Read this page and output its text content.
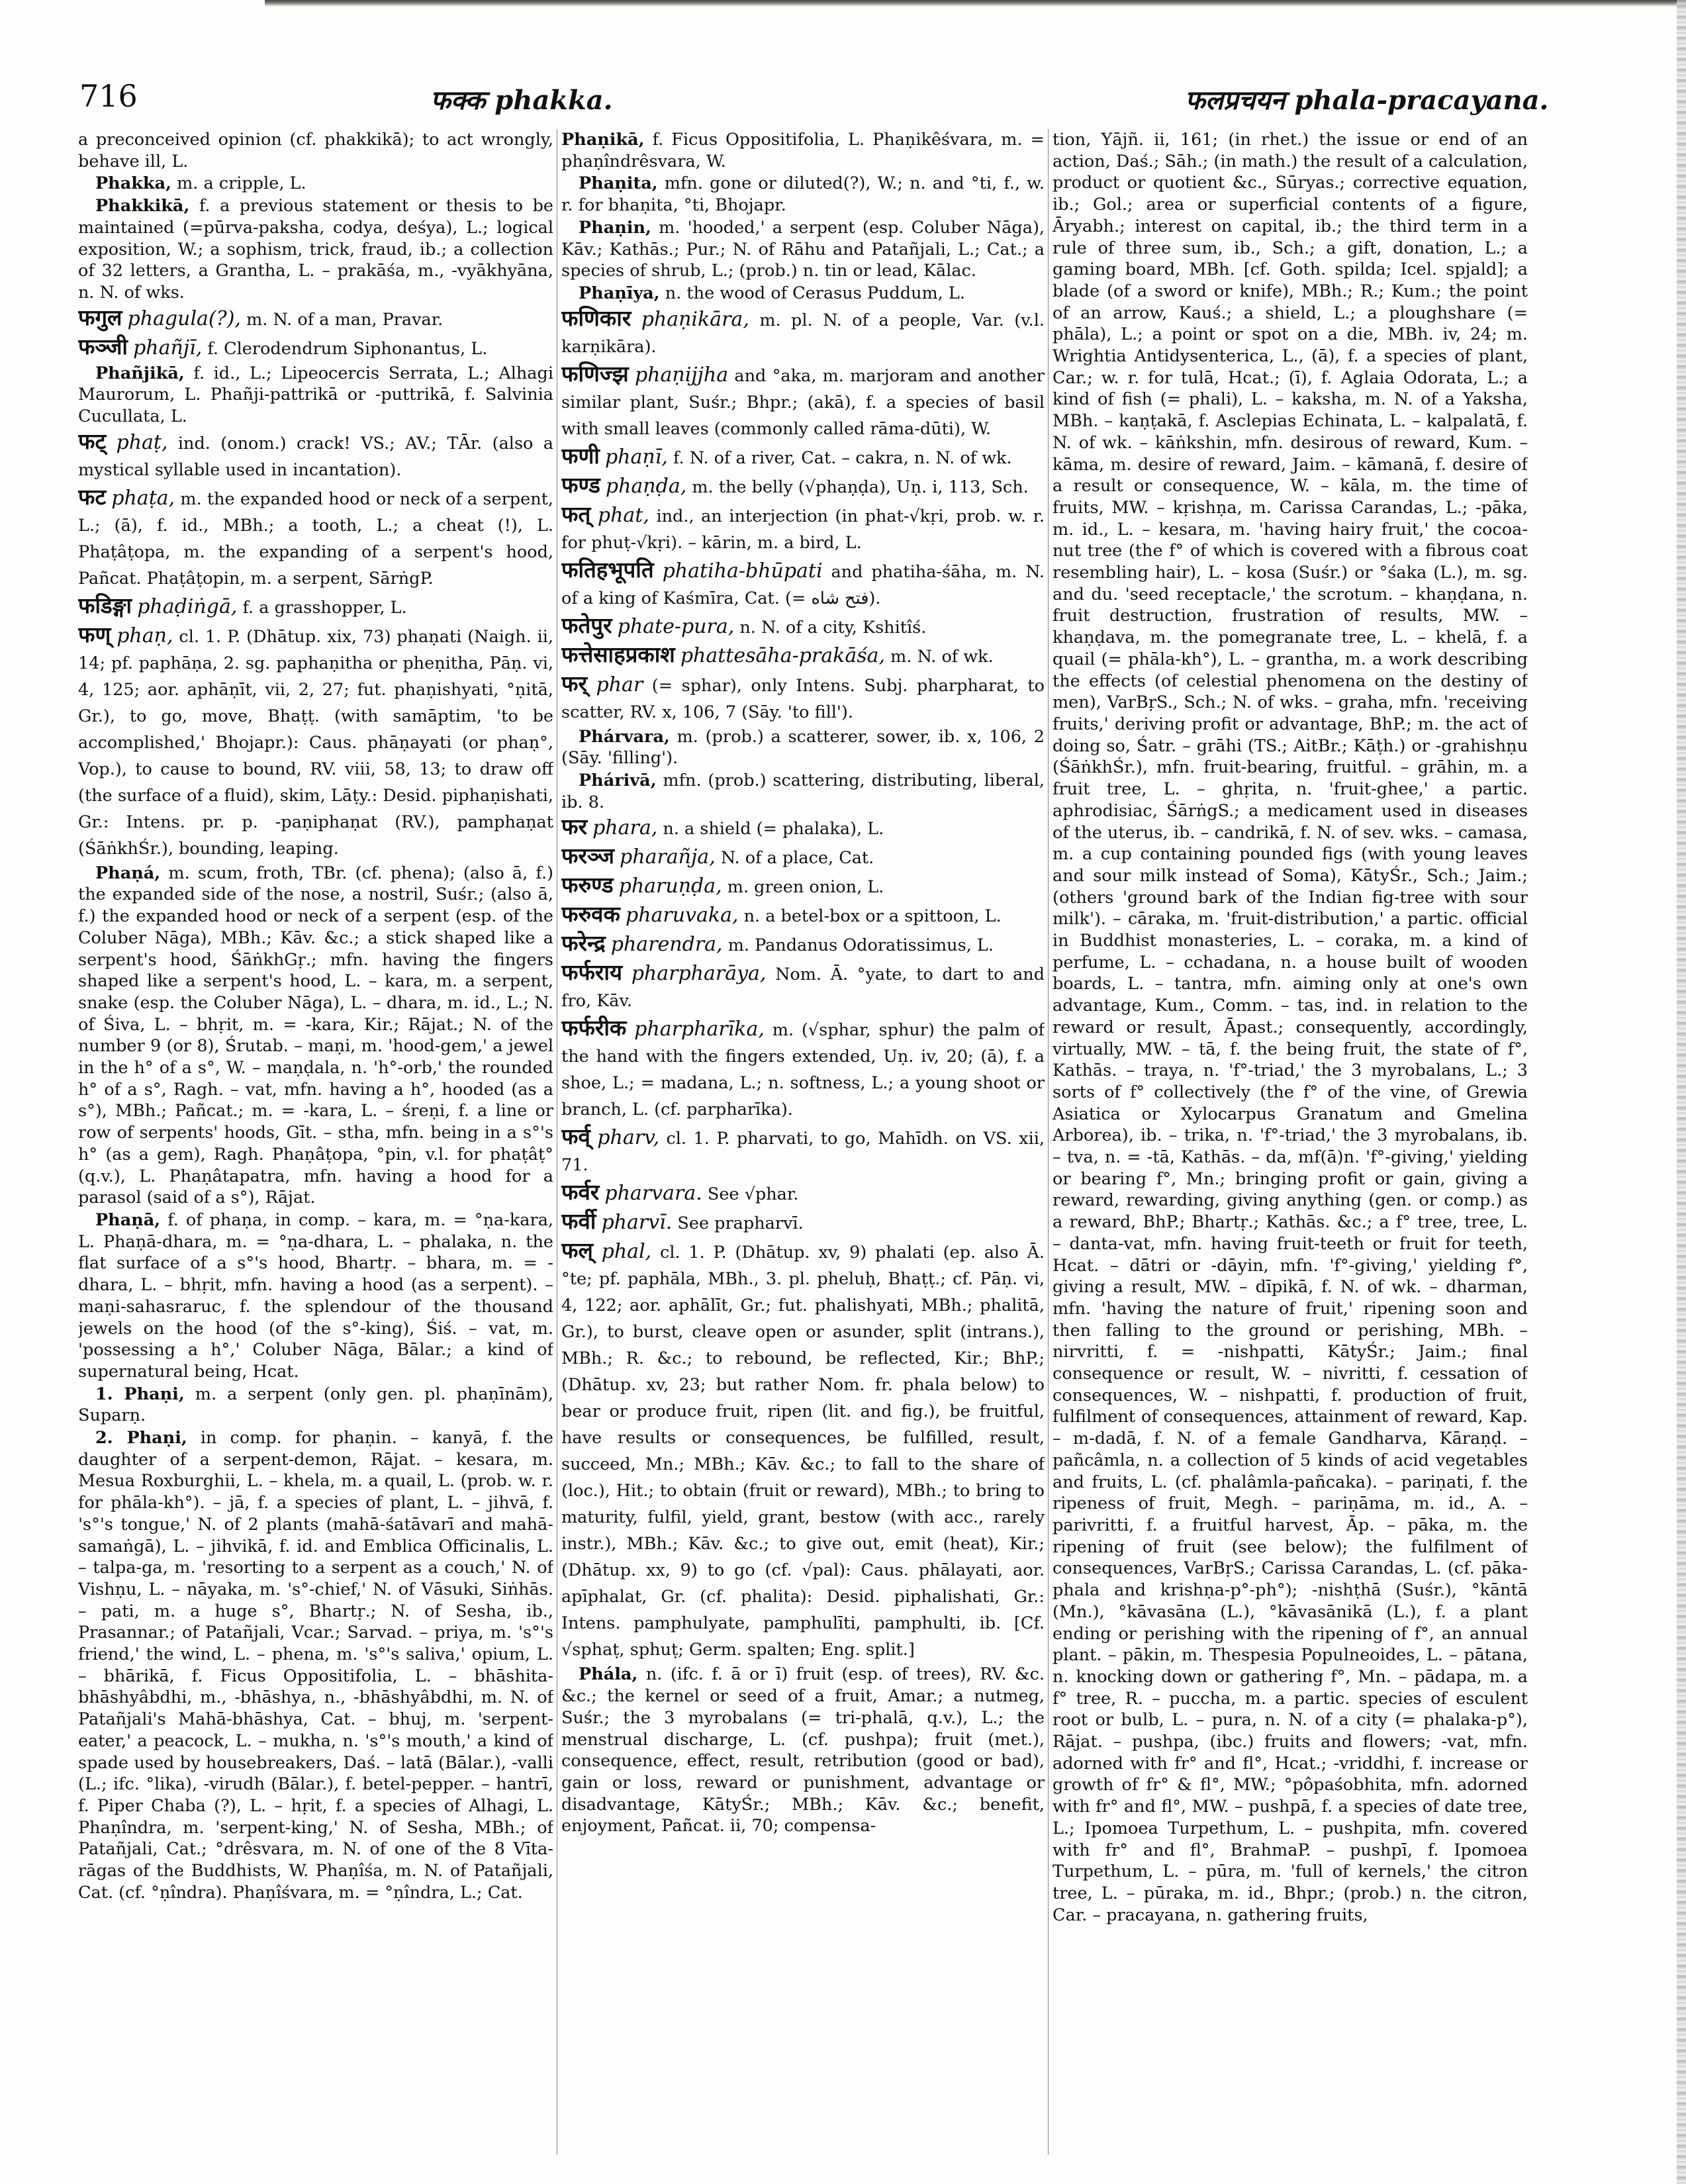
716	फक्क phakka.	फलप्रचयन phala-pracayana.

a preconceived opinion (cf. phakkikā); to act wrongly, behave ill, L.

Phakka, m. a cripple, L.

Phakkikā, f. a previous statement or thesis to be maintained (=pūrva-paksha, codya, deśya), L.; logical exposition, W.; a sophism, trick, fraud, ib.; a collection of 32 letters, a Grantha, L. – prakāśa, m., -vyākhyāna, n. N. of wks.

फगुल phagula(?), m. N. of a man, Pravar.

फञ्जी phañjī, f. Clerodendrum Siphonantus, L.

Phañjikā, f. id., L.; Lipeocercis Serrata, L.; Alhagi Maurorum, L. Phañji-pattrikā or -puttrikā, f. Salvinia Cucullata, L.

फट् phaṭ, ind. (onom.) crack! VS.; AV.; TĀr. (also a mystical syllable used in incantation).

फट phaṭa, m. the expanded hood or neck of a serpent, L.; (ā), f. id., MBh.; a tooth, L.; a cheat (!), L. Phaṭâṭopa, m. the expanding of a serpent's hood, Pañcat. Phaṭâṭopin, m. a serpent, SārṅgP.

फडिङ्गा phaḍiṅgā, f. a grasshopper, L.

फण् phaṇ, cl. 1. P. (Dhātup. xix, 73) phaṇati (Naigh. ii, 14; pf. paphāṇa, 2. sg. paphaṇitha or pheṇitha, Pāṇ. vi, 4, 125; aor. aphāṇīt, vii, 2, 27; fut. phaṇishyati, °ṇitā, Gr.), to go, move, Bhaṭṭ. (with samāptim, 'to be accomplished,' Bhojapr.): Caus. phāṇayati (or phaṇ°, Vop.), to cause to bound, RV. viii, 58, 13; to draw off (the surface of a fluid), skim, Lāṭy.: Desid. piphaṇishati, Gr.: Intens. pr. p. -paṇiphaṇat (RV.), pamphaṇat (ŚāṅkhŚr.), bounding, leaping.

Phaṇá, m. scum, froth, TBr. (cf. phena); (also ā, f.) the expanded side of the nose, a nostril, Suśr.; (also ā, f.) the expanded hood or neck of a serpent (esp. of the Coluber Nāga), MBh.; Kāv. &c.; a stick shaped like a serpent's hood, ŚāṅkhGṛ.; mfn. having the fingers shaped like a serpent's hood, L. – kara, m. a serpent, snake (esp. the Coluber Nāga), L. – dhara, m. id., L.; N. of Śiva, L. – bhṛit, m. = -kara, Kir.; Rājat.; N. of the number 9 (or 8), Śrutab. – maṇi, m. 'hood-gem,' a jewel in the h° of a s°, W. – maṇḍala, n. 'h°-orb,' the rounded h° of a s°, Ragh. – vat, mfn. having a h°, hooded (as a s°), MBh.; Pañcat.; m. = -kara, L. – śreṇi, f. a line or row of serpents' hoods, Gīt. – stha, mfn. being in a s°'s h° (as a gem), Ragh. Phaṇâṭopa, °pin, v.l. for phaṭâṭ° (q.v.), L. Phaṇâtapatra, mfn. having a hood for a parasol (said of a s°), Rājat.

Phaṇā, f. of phaṇa, in comp. – kara, m. = °ṇa-kara, L. Phaṇā-dhara, m. = °ṇa-dhara, L. – phalaka, n. the flat surface of a s°'s hood, Bhartṛ. – bhara, m. = -dhara, L. – bhṛit, mfn. having a hood (as a serpent). – maṇi-sahasraruc, f. the splendour of the thousand jewels on the hood (of the s°-king), Śiś. – vat, m. 'possessing a h°,' Coluber Nāga, Bālar.; a kind of supernatural being, Hcat.

1. Phaṇi, m. a serpent (only gen. pl. phaṇīnām), Suparṇ.

2. Phaṇi, in comp. for phaṇin. – kanyā, f. the daughter of a serpent-demon, Rājat. – kesara, m. Mesua Roxburghii, L. – khela, m. a quail, L. (prob. w. r. for phāla-kh°). – jā, f. a species of plant, L. – jihvā, f. 's°'s tongue,' N. of 2 plants (mahā-śatāvarī and mahā-samaṅgā), L. – jihvikā, f. id. and Emblica Officinalis, L. – talpa-ga, m. 'resorting to a serpent as a couch,' N. of Vishṇu, L. – nāyaka, m. 's°-chief,' N. of Vāsuki, Siṅhās. – pati, m. a huge s°, Bhartṛ.; N. of Sesha, ib., Prasannar.; of Patañjali, Vcar.; Sarvad. – priya, m. 's°'s friend,' the wind, L. – phena, m. 's°'s saliva,' opium, L. – bhārikā, f. Ficus Oppositifolia, L. – bhāshita-bhāshyâbdhi, m., -bhāshya, n., -bhāshyâbdhi, m. N. of Patañjali's Mahā-bhāshya, Cat. – bhuj, m. 'serpent-eater,' a peacock, L. – mukha, n. 's°'s mouth,' a kind of spade used by housebreakers, Daś. – latā (Bālar.), -valli (L.; ifc. °lika), -virudh (Bālar.), f. betel-pepper. – hantrī, f. Piper Chaba (?), L. – hṛit, f. a species of Alhagi, L. Phaṇîndra, m. 'serpent-king,' N. of Sesha, MBh.; of Patañjali, Cat.; °drêsvara, m. N. of one of the 8 Vīta-rāgas of the Buddhists, W. Phaṇîśa, m. N. of Patañjali, Cat. (cf. °ṇîndra). Phaṇîśvara, m. = °ṇîndra, L.; Cat.

Phaṇikā, f. Ficus Oppositifolia, L. Phaṇikêśvara, m. = phaṇîndrêsvara, W.

Phaṇita, mfn. gone or diluted(?), W.; n. and °ti, f., w. r. for bhaṇita, °ti, Bhojapr.

Phaṇin, m. 'hooded,' a serpent (esp. Coluber Nāga), Kāv.; Kathās.; Pur.; N. of Rāhu and Patañjali, L.; Cat.; a species of shrub, L.; (prob.) n. tin or lead, Kālac.

Phaṇīya, n. the wood of Cerasus Puddum, L.

फणिकार phaṇikāra, m. pl. N. of a people, Var. (v.l. karṇikāra).

फणिज्झ phaṇijjha and °aka, m. marjoram and another similar plant, Suśr.; Bhpr.; (akā), f. a species of basil with small leaves (commonly called rāma-dūti), W.

फणी phaṇī, f. N. of a river, Cat. – cakra, n. N. of wk.

फण्ड phaṇḍa, m. the belly (√phaṇḍa), Uṇ. i, 113, Sch.

फत् phat, ind., an interjection (in phat-√kṛi, prob. w. r. for phuṭ-√kṛi). – kārin, m. a bird, L.

फतिहभूपति phatiha-bhūpati and phatiha-śāha, m. N. of a king of Kaśmīra, Cat. (= فتح شاه).

फतेपुर phate-pura, n. N. of a city, Kshitîś.

फत्तेसाहप्रकाश phattesāha-prakāśa, m. N. of wk.

फर् phar (= sphar), only Intens. Subj. pharpharat, to scatter, RV. x, 106, 7 (Sāy. 'to fill').

Phárvara, m. (prob.) a scatterer, sower, ib. x, 106, 2 (Sāy. 'filling').

Phárivā, mfn. (prob.) scattering, distributing, liberal, ib. 8.

फर phara, n. a shield (= phalaka), L.

फरञ्ज pharañja, N. of a place, Cat.

फरुण्ड pharuṇḍa, m. green onion, L.

फरुवक pharuvaka, n. a betel-box or a spittoon, L.

फरेन्द्र pharendra, m. Pandanus Odoratissimus, L.

फर्फराय pharpharāya, Nom. Ā. °yate, to dart to and fro, Kāv.

फर्फरीक pharpharīka, m. (√sphar, sphur) the palm of the hand with the fingers extended, Uṇ. iv, 20; (ā), f. a shoe, L.; = madana, L.; n. softness, L.; a young shoot or branch, L. (cf. parpharīka).

फर्व् pharv, cl. 1. P. pharvati, to go, Mahīdh. on VS. xii, 71.

फर्वर pharvara. See √phar.

फर्वी pharvī. See prapharvī.

फल् phal, cl. 1. P. (Dhātup. xv, 9) phalati (ep. also Ā. °te; pf. paphāla, MBh., 3. pl. pheluḥ, Bhaṭṭ.; cf. Pāṇ. vi, 4, 122; aor. aphālīt, Gr.; fut. phalishyati, MBh.; phalitā, Gr.), to burst, cleave open or asunder, split (intrans.), MBh.; R. &c.; to rebound, be reflected, Kir.; BhP.; (Dhātup. xv, 23; but rather Nom. fr. phala below) to bear or produce fruit, ripen (lit. and fig.), be fruitful, have results or consequences, be fulfilled, result, succeed, Mn.; MBh.; Kāv. &c.; to fall to the share of (loc.), Hit.; to obtain (fruit or reward), MBh.; to bring to maturity, fulfil, yield, grant, bestow (with acc., rarely instr.), MBh.; Kāv. &c.; to give out, emit (heat), Kir.; (Dhātup. xx, 9) to go (cf. √pal): Caus. phālayati, aor. apīphalat, Gr. (cf. phalita): Desid. piphalishati, Gr.: Intens. pamphulyate, pamphulīti, pamphulti, ib. [Cf. √sphaṭ, sphuṭ; Germ. spalten; Eng. split.]

Phála, n. (ifc. f. ā or ī) fruit (esp. of trees), RV. &c. &c.; the kernel or seed of a fruit, Amar.; a nutmeg, Suśr.; the 3 myrobalans (= tri-phalā, q.v.), L.; the menstrual discharge, L. (cf. pushpa); fruit (met.), consequence, effect, result, retribution (good or bad), gain or loss, reward or punishment, advantage or disadvantage, KātyŚr.; MBh.; Kāv. &c.; benefit, enjoyment, Pañcat. ii, 70; compensa-

tion, Yājñ. ii, 161; (in rhet.) the issue or end of an action, Daś.; Sāh.; (in math.) the result of a calculation, product or quotient &c., Sūryas.; corrective equation, ib.; Gol.; area or superficial contents of a figure, Āryabh.; interest on capital, ib.; the third term in a rule of three sum, ib., Sch.; a gift, donation, L.; a gaming board, MBh. [cf. Goth. spilda; Icel. spjald]; a blade (of a sword or knife), MBh.; R.; Kum.; the point of an arrow, Kauś.; a shield, L.; a ploughshare (= phāla), L.; a point or spot on a die, MBh. iv, 24; m. Wrightia Antidysenterica, L., (ā), f. a species of plant, Car.; w. r. for tulā, Hcat.; (ī), f. Aglaia Odorata, L.; a kind of fish (= phali), L. – kaksha, m. N. of a Yaksha, MBh. – kaṇṭakā, f. Asclepias Echinata, L. – kalpalatā, f. N. of wk. – kāṅkshin, mfn. desirous of reward, Kum. – kāma, m. desire of reward, Jaim. – kāmanā, f. desire of a result or consequence, W. – kāla, m. the time of fruits, MW. – kṛishṇa, m. Carissa Carandas, L.; -pāka, m. id., L. – kesara, m. 'having hairy fruit,' the cocoa-nut tree (the f° of which is covered with a fibrous coat resembling hair), L. – kosa (Suśr.) or °śaka (L.), m. sg. and du. 'seed receptacle,' the scrotum. – khaṇḍana, n. fruit destruction, frustration of results, MW. – khaṇḍava, m. the pomegranate tree, L. – khelā, f. a quail (= phāla-kh°), L. – grantha, m. a work describing the effects (of celestial phenomena on the destiny of men), VarBṛS., Sch.; N. of wks. – graha, mfn. 'receiving fruits,' deriving profit or advantage, BhP.; m. the act of doing so, Śatr. – grāhi (TS.; AitBr.; Kāṭh.) or -grahishṇu (ŚāṅkhŚr.), mfn. fruit-bearing, fruitful. – grāhin, m. a fruit tree, L. – ghṛita, n. 'fruit-ghee,' a partic. aphrodisiac, ŚārṅgS.; a medicament used in diseases of the uterus, ib. – candrikā, f. N. of sev. wks. – camasa, m. a cup containing pounded figs (with young leaves and sour milk instead of Soma), KātyŚr., Sch.; Jaim.; (others 'ground bark of the Indian fig-tree with sour milk'). – cāraka, m. 'fruit-distribution,' a partic. official in Buddhist monasteries, L. – coraka, m. a kind of perfume, L. – cchadana, n. a house built of wooden boards, L. – tantra, mfn. aiming only at one's own advantage, Kum., Comm. – tas, ind. in relation to the reward or result, Āpast.; consequently, accordingly, virtually, MW. – tā, f. the being fruit, the state of f°, Kathās. – traya, n. 'f°-triad,' the 3 myrobalans, L.; 3 sorts of f° collectively (the f° of the vine, of Grewia Asiatica or Xylocarpus Granatum and Gmelina Arborea), ib. – trika, n. 'f°-triad,' the 3 myrobalans, ib. – tva, n. = -tā, Kathās. – da, mf(ā)n. 'f°-giving,' yielding or bearing f°, Mn.; bringing profit or gain, giving a reward, rewarding, giving anything (gen. or comp.) as a reward, BhP.; Bhartṛ.; Kathās. &c.; a f° tree, tree, L. – danta-vat, mfn. having fruit-teeth or fruit for teeth, Hcat. – dātri or -dāyin, mfn. 'f°-giving,' yielding f°, giving a result, MW. – dīpikā, f. N. of wk. – dharman, mfn. 'having the nature of fruit,' ripening soon and then falling to the ground or perishing, MBh. – nirvritti, f. = -nishpatti, KātyŚr.; Jaim.; final consequence or result, W. – nivritti, f. cessation of consequences, W. – nishpatti, f. production of fruit, fulfilment of consequences, attainment of reward, Kap. – m-dadā, f. N. of a female Gandharva, Kāraṇḍ. – pañcâmla, n. a collection of 5 kinds of acid vegetables and fruits, L. (cf. phalâmla-pañcaka). – pariṇati, f. the ripeness of fruit, Megh. – pariṇāma, m. id., A. – parivritti, f. a fruitful harvest, Āp. – pāka, m. the ripening of fruit (see below); the fulfilment of consequences, VarBṛS.; Carissa Carandas, L. (cf. pāka-phala and krishṇa-p°-ph°); -nishṭhā (Suśr.), °kāntā (Mn.), °kāvasāna (L.), °kāvasānikā (L.), f. a plant ending or perishing with the ripening of f°, an annual plant. – pākin, m. Thespesia Populneoides, L. – pātana, n. knocking down or gathering f°, Mn. – pādapa, m. a f° tree, R. – puccha, m. a partic. species of esculent root or bulb, L. – pura, n. N. of a city (= phalaka-p°), Rājat. – pushpa, (ibc.) fruits and flowers; -vat, mfn. adorned with fr° and fl°, Hcat.; -vriddhi, f. increase or growth of fr° & fl°, MW.; °pôpaśobhita, mfn. adorned with fr° and fl°, MW. – pushpā, f. a species of date tree, L.; Ipomoea Turpethum, L. – pushpita, mfn. covered with fr° and fl°, BrahmaP. – pushpī, f. Ipomoea Turpethum, L. – pūra, m. 'full of kernels,' the citron tree, L. – pūraka, m. id., Bhpr.; (prob.) n. the citron, Car. – pracayana, n. gathering fruits,
